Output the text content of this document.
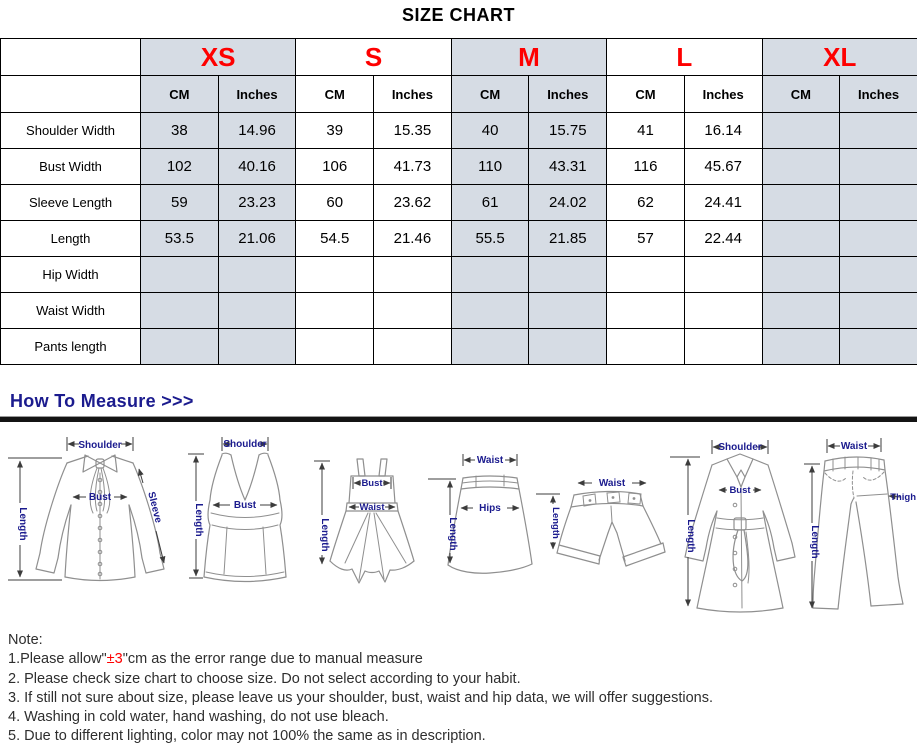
SIZE CHART
	XS		S		M		L		XL	
	CM	Inches	CM	Inches	CM	Inches	CM	Inches	CM	Inches
Shoulder Width	38	14.96	39	15.35	40	15.75	41	16.14		
Bust Width	102	40.16	106	41.73	110	43.31	116	45.67		
Sleeve Length	59	23.23	60	23.62	61	24.02	62	24.41		
Length	53.5	21.06	54.5	21.46	55.5	21.85	57	22.44		
Hip Width										
Waist Width										
Pants length										
How To Measure >>>
Shoulder
Length
Bust	Sleeve
Shoulder
Length	Bust
Bust
Waist
Length
Waist
Hips
Length
Waist
Length
Shoulder
Bust
Length
Waist
Thigh
Length
Note:
1.Please allow"±3"cm as the error range due to manual measure
2. Please check size chart to choose size. Do not select according to your habit.
3. If still not sure about size, please leave us your shoulder, bust, waist and hip data, we will offer suggestions.
4. Washing in cold water, hand washing, do not use bleach.
5. Due to different lighting, color may not 100% the same as in description.
